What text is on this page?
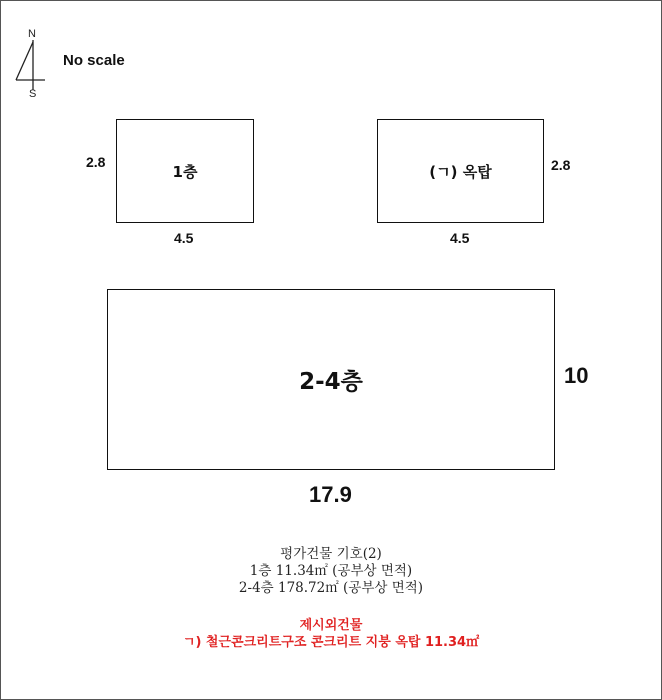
N
S
No scale
1층
2.8
4.5
(ㄱ) 옥탑	2.8
4.5
2-4층	10
17.9
평가건물 기호(2)
1층 11.34㎡ (공부상 면적)
2-4층 178.72㎡ (공부상 면적)
제시외건물
ㄱ) 철근콘크리트구조 콘크리트 지붕 옥탑 11.34㎡
